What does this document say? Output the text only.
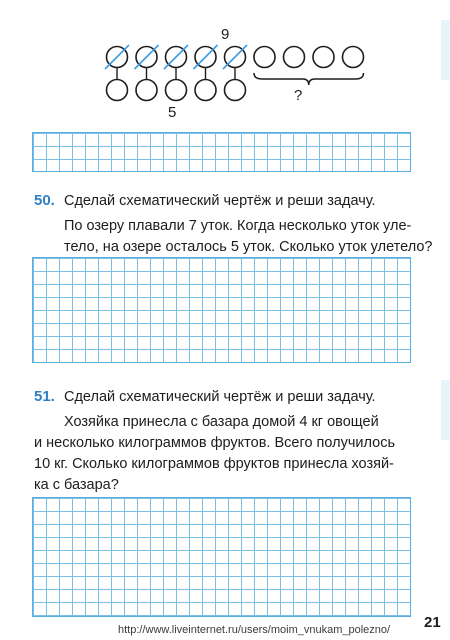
9
5
?
50. Сделай схематический чертёж и реши задачу.
По озеру плавали 7 уток. Когда несколько уток уле-
тело, на озере осталось 5 уток. Сколько уток улетело?
51. Сделай схематический чертёж и реши задачу.
Хозяйка принесла с базара домой 4 кг овощей
и несколько килограммов фруктов. Всего получилось
10 кг. Сколько килограммов фруктов принесла хозяй-
ка с базара?
21
http://www.liveinternet.ru/users/moim_vnukam_polezno/
